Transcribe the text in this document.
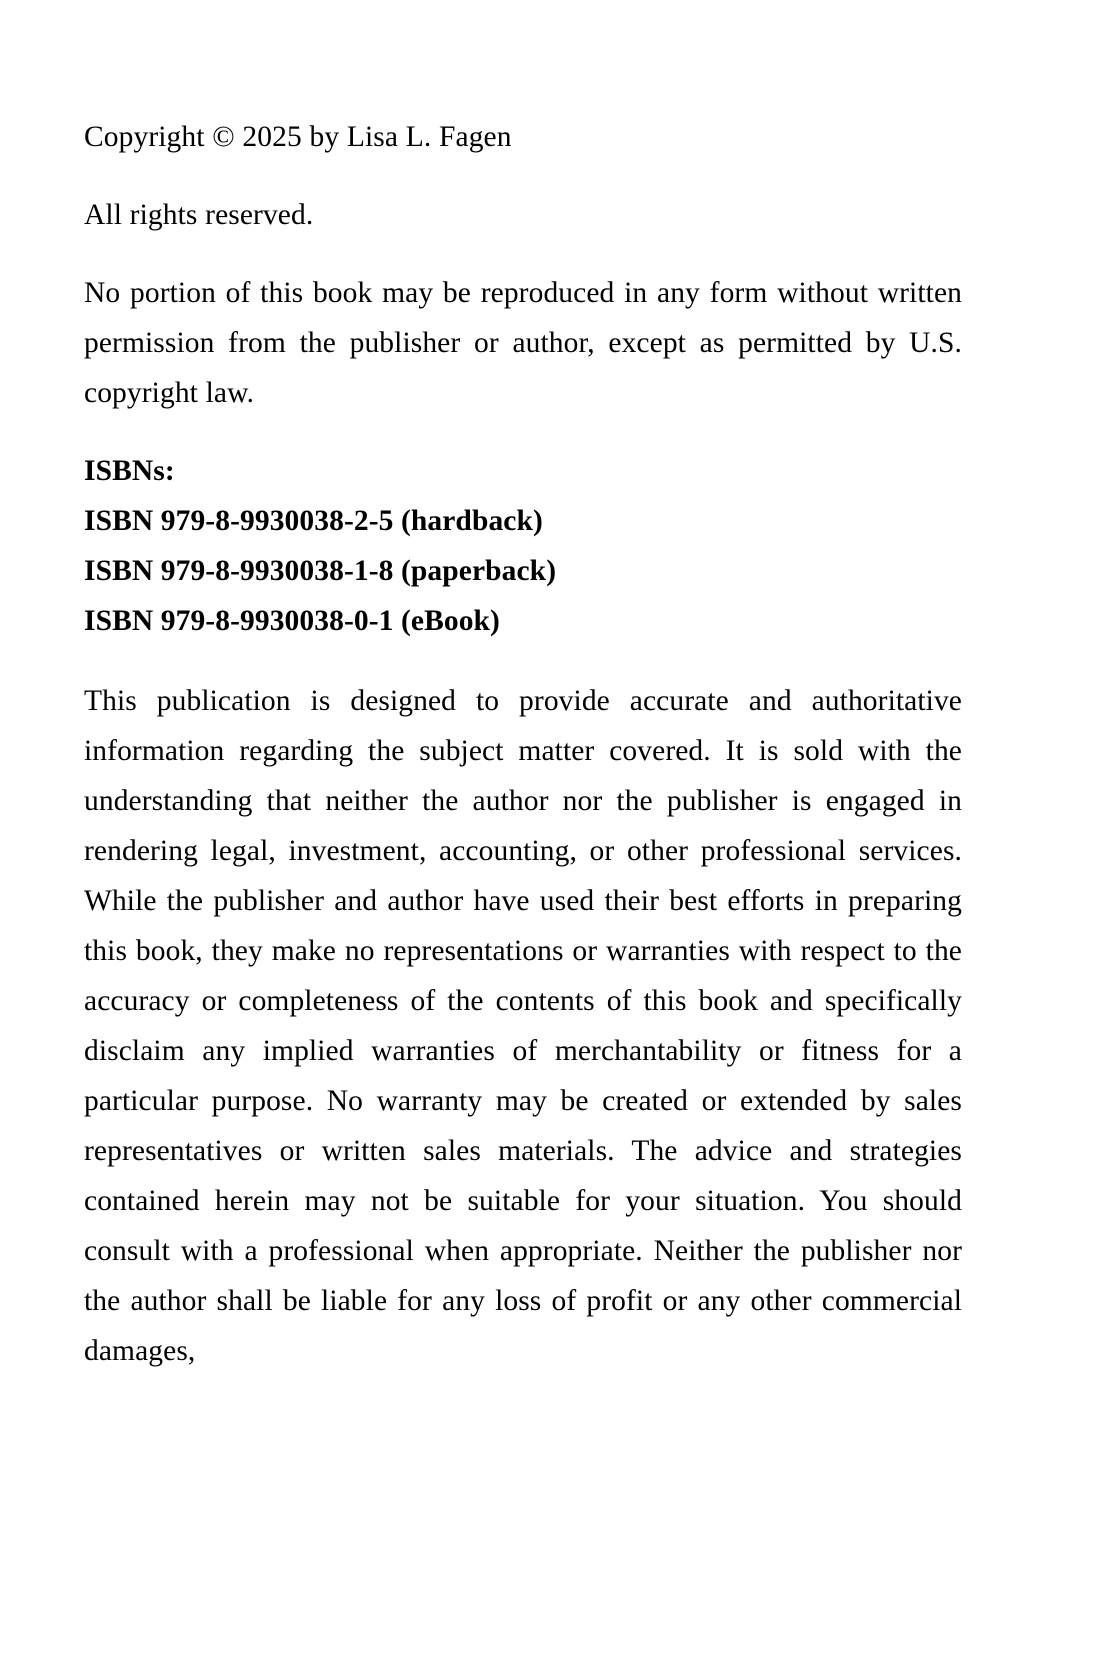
Copyright © 2025 by Lisa L. Fagen

All rights reserved.

No portion of this book may be reproduced in any form without written permission from the publisher or author, except as permitted by U.S. copyright law.

ISBNs:
ISBN 979-8-9930038-2-5 (hardback)
ISBN 979-8-9930038-1-8 (paperback)
ISBN 979-8-9930038-0-1 (eBook)

This publication is designed to provide accurate and authoritative information regarding the subject matter covered. It is sold with the understanding that neither the author nor the publisher is engaged in rendering legal, investment, accounting, or other professional services. While the publisher and author have used their best efforts in preparing this book, they make no representations or warranties with respect to the accuracy or completeness of the contents of this book and specifically disclaim any implied warranties of merchantability or fitness for a particular purpose. No warranty may be created or extended by sales representatives or written sales materials. The advice and strategies contained herein may not be suitable for your situation. You should consult with a professional when appropriate. Neither the publisher nor the author shall be liable for any loss of profit or any other commercial damages,
